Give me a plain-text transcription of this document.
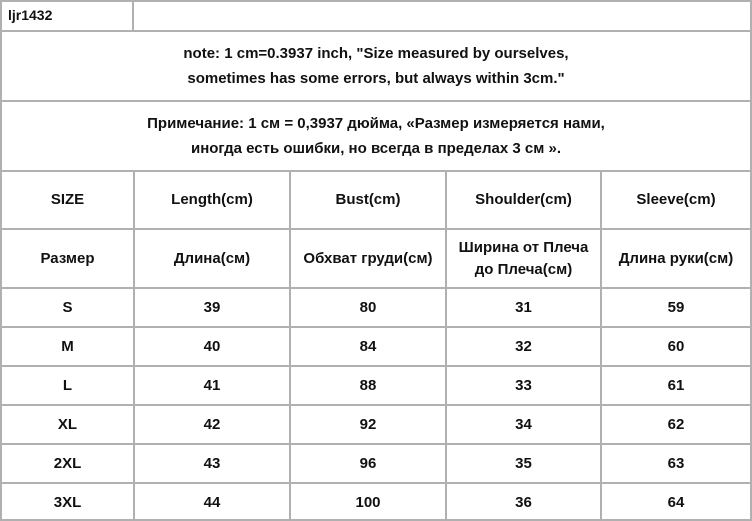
ljr1432
note: 1 cm=0.3937 inch, "Size measured by ourselves,
sometimes has some errors, but always within 3cm."
Примечание: 1 см = 0,3937 дюйма, «Размер измеряется нами,
иногда есть ошибки, но всегда в пределах 3 см ».
SIZE	Length(cm)	Bust(cm)	Shoulder(cm)	Sleeve(cm)
Размер	Длина(см)	Обхват груди(см)	Ширина от Плеча до Плеча(см)	Длина руки(см)
S	39	80	31	59
M	40	84	32	60
L	41	88	33	61
XL	42	92	34	62
2XL	43	96	35	63
3XL	44	100	36	64
